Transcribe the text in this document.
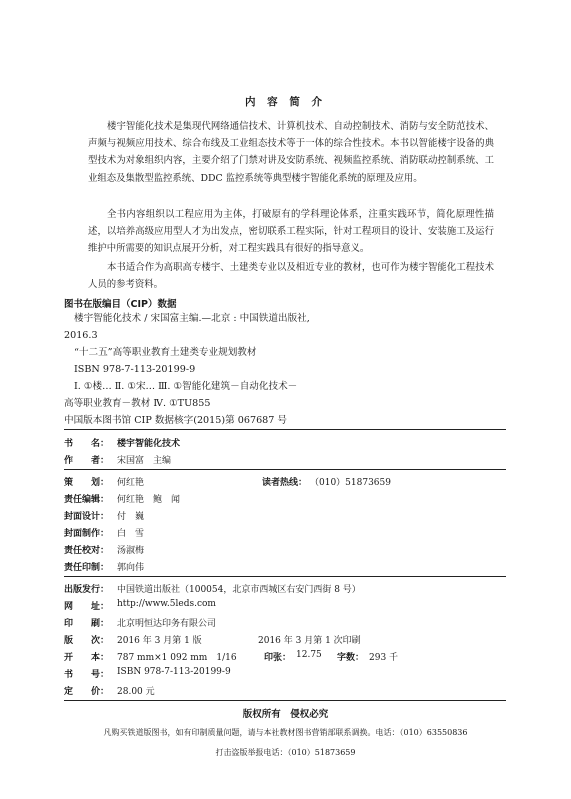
内 容 简 介
楼宇智能化技术是集现代网络通信技术、计算机技术、自动控制技术、消防与安全防范技术、声频与视频应用技术、综合布线及工业组态技术等于一体的综合性技术。本书以智能楼宇设备的典型技术为对象组织内容，主要介绍了门禁对讲及安防系统、视频监控系统、消防联动控制系统、工业组态及集散型监控系统、DDC 监控系统等典型楼宇智能化系统的原理及应用。
全书内容组织以工程应用为主体，打破原有的学科理论体系，注重实践环节，简化原理性描述，以培养高级应用型人才为出发点，密切联系工程实际，针对工程项目的设计、安装施工及运行维护中所需要的知识点展开分析，对工程实践具有很好的指导意义。
本书适合作为高职高专楼宇、土建类专业以及相近专业的教材，也可作为楼宇智能化工程技术人员的参考资料。
图书在版编目（CIP）数据
楼宇智能化技术 / 宋国富主编.—北京 : 中国铁道出版社,
2016.3
“十二五”高等职业教育土建类专业规划教材
ISBN 978-7-113-20199-9
Ⅰ. ①楼… Ⅱ. ①宋… Ⅲ. ①智能化建筑－自动化技术－
高等职业教育－教材 Ⅳ. ①TU855
中国版本图书馆 CIP 数据核字(2015)第 067687 号
书　　名： 楼宇智能化技术
作　　者： 宋国富　主编
策　　划： 何红艳	读者热线： （010）51873659
责任编辑： 何红艳　鲍　闻
封面设计： 付　巍
封面制作： 白　雪
责任校对： 汤淑梅
责任印制： 郭向伟
出版发行： 中国铁道出版社（100054，北京市西城区右安门西街 8 号）
网　　址： http://www.5leds.com
印　　刷： 北京明恒达印务有限公司
版　　次： 2016 年 3 月第 1 版	2016 年 3 月第 1 次印刷
开　　本： 787 mm×1 092 mm　1/16	印张： 12.75 字数： 293 千
书　　号： ISBN 978-7-113-20199-9
定　　价： 28.00 元
版权所有　侵权必究
凡购买铁道版图书，如有印制质量问题，请与本社教材图书营销部联系调换。电话：（010）63550836
打击盗版举报电话：（010）51873659
